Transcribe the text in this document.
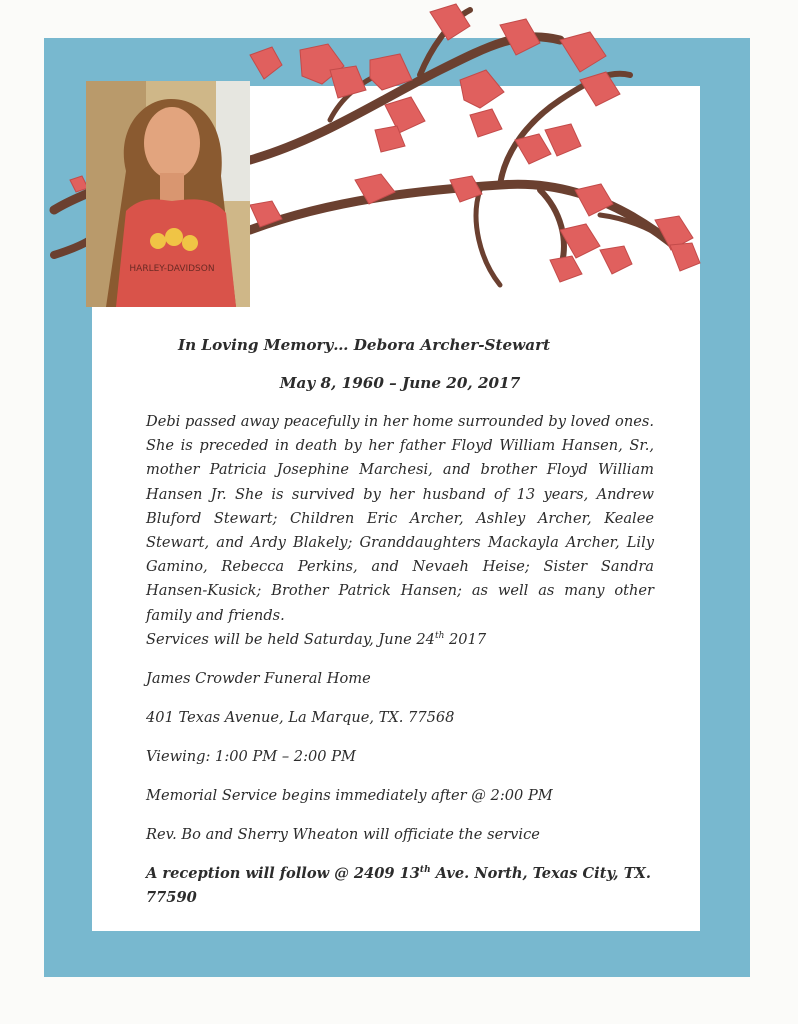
HARLEY-DAVIDSON

In Loving Memory… Debora Archer-Stewart

May 8, 1960 – June 20, 2017

Debi passed away peacefully in her home surrounded by loved ones. She is preceded in death by her father Floyd William Hansen, Sr., mother Patricia Josephine Marchesi, and brother Floyd William Hansen Jr. She is survived by her husband of 13 years, Andrew Bluford Stewart; Children Eric Archer, Ashley Archer, Kealee Stewart, and Ardy Blakely; Granddaughters Mackayla Archer, Lily Gamino, Rebecca Perkins, and Nevaeh Heise; Sister Sandra Hansen-Kusick; Brother Patrick Hansen; as well as many other family and friends.

Services will be held Saturday, June 24th 2017

James Crowder Funeral Home

401 Texas Avenue, La Marque, TX. 77568

Viewing: 1:00 PM – 2:00 PM

Memorial Service begins immediately after @ 2:00 PM

Rev. Bo and Sherry Wheaton will officiate the service

A reception will follow @ 2409 13th Ave. North, Texas City, TX. 77590
